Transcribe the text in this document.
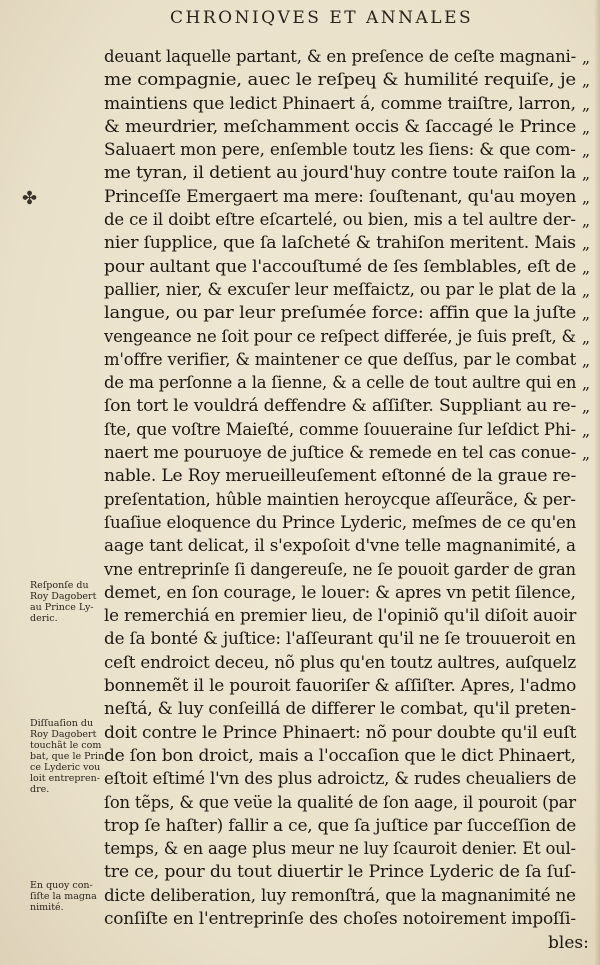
CHRONIQVES ET ANNALES
✤
deuant laquelle partant, & en preſence de ceſte magnani- „
me compagnie, auec le reſpeɥ & humilité requiſe, je „
maintiens que ledict Phinaert á, comme traiſtre, larron, „
& meurdrier, meſchamment occis & ſaccagé le Prince „
Saluaert mon pere, enſemble toutz les ſiens: & que com- „
me tyran, il detient au jourd'huy contre toute raiſon la „
Princeſſe Emergaert ma mere: ſouſtenant, qu'au moyen „
de ce il doibt eſtre eſcartelé, ou bien, mis a tel aultre der- „
nier ſupplice, que ſa laſcheté & trahiſon meritent. Mais „
pour aultant que l'accouſtumé de ſes ſemblables, eſt de „
pallier, nier, & excuſer leur meſfaictz, ou par le plat de la „
langue, ou par leur preſumée force: affin que la juſte „
vengeance ne ſoit pour ce reſpect differée, je ſuis preſt, & „
m'offre verifier, & maintener ce que deſſus, par le combat „
de ma perſonne a la ſienne, & a celle de tout aultre qui en „
ſon tort le vouldrá deffendre & aſſiſter. Suppliant au re- „
ſte, que voſtre Maieſté, comme ſouueraine ſur leſdict Phi- „
naert me pouruoye de juſtice & remede en tel cas conue- „
nable. Le Roy merueilleuſement eſtonné de la graue re-
preſentation, hûble maintien heroycque aſſeurãce, & per-
ſuaſiue eloquence du Prince Lyderic, meſmes de ce qu'en
aage tant delicat, il s'expoſoit d'vne telle magnanimité, a
vne entreprinſe ſi dangereuſe, ne ſe pouoit garder de gran
demet, en ſon courage, le louer: & apres vn petit ſilence,
le remerchiá en premier lieu, de l'opiniõ qu'il diſoit auoir
de ſa bonté & juſtice: l'aſſeurant qu'il ne ſe trouueroit en
ceſt endroict deceu, nõ plus qu'en toutz aultres, auſquelz
bonnemẽt il le pouroit fauoriſer & aſſiſter. Apres, l'admo
neſtá, & luy conſeillá de differer le combat, qu'il preten-
doit contre le Prince Phinaert: nõ pour doubte qu'il euſt
de ſon bon droict, mais a l'occaſion que le dict Phinaert,
eſtoit eſtimé l'vn des plus adroictz, & rudes cheualiers de
ſon tẽps, & que veüe la qualité de ſon aage, il pouroit (par
trop ſe haſter) fallir a ce, que ſa juſtice par ſucceſſion de
temps, & en aage plus meur ne luy ſcauroit denier. Et oul-
tre ce, pour du tout diuertir le Prince Lyderic de ſa ſuſ-
dicte deliberation, luy remonſtrá, que la magnanimité ne
conſiſte en l'entreprinſe des choſes notoirement impoſſi-
Reſponſe du
Roy Dagobert
au Prince Ly-
deric.
Diſſuaſion du
Roy Dagobert
touchãt le com
bat, que le Prin
ce Lyderic vou
loit entrepren-
dre.
En quoy con-
ſiſte la magna
nimité.
bles:
